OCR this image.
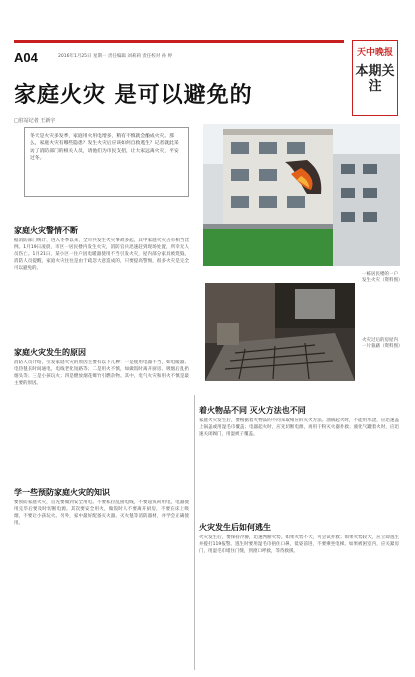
A04	2016年1月25日 星期一 责任编辑 刘莉莉 责任校对 孙 婷	天中晚报
本期关注
家庭火灾 是可以避免的
□驻站记者 王新宇
冬天是火灾多发季，家庭用火用电增多，稍有不慎就会酿成火灾。那么，家庭火灾有哪些隐患？发生火灾后应该如何自救逃生？记者就此采访了消防部门的相关人员，请他们为市民支招，让大家远离火灾，平安过冬。
一栋居民楼的一户发生火灾（资料图）
火灾过后的房屋内一片狼藉（资料图）
家庭火灾警情不断
据消防部门统计，进入冬季以来，全市共发生火灾事故多起，其中家庭火灾占有相当比例。1月19日凌晨，市区一居民楼内发生火灾，消防官兵迅速赶到现场处置，所幸无人员伤亡。1月21日，某小区一住户因电暖器使用不当引发火灾，屋内部分家具被烧毁。消防人员提醒，家庭火灾往往是由于疏忽大意造成的，只要提高警惕，很多火灾是完全可以避免的。
家庭火灾发生的原因
消防人员介绍，引发家庭火灾的原因主要有以下几种：一是使用电器不当，如电暖器、电热毯长时间通电，电线老化短路等；二是用火不慎，如做饭时离开厨房、吸烟后乱扔烟头等；三是小孩玩火；四是燃放烟花爆竹引燃杂物。其中，电气火灾和用火不慎是最主要的原因。
学一些预防家庭火灾的知识
要预防家庭火灾，首先要做到安全用电。不要私拉乱接电线，不要超负荷用电，电器使用完毕后要及时切断电源。其次要安全用火，做饭时人不要离开厨房，不要在床上吸烟，不要让小孩玩火。另外，家中最好配备灭火器、灭火毯等消防器材，并学会正确使用。
着火物品不同 灭火方法也不同
家庭火灾发生后，要根据着火物品的不同采取相应的灭火方法。油锅起火时，不能用水浇，应迅速盖上锅盖或用湿毛巾覆盖；电器起火时，应先切断电源，再用干粉灭火器扑救；液化气罐着火时，应迅速关闭阀门，用湿被子覆盖。
火灾发生后如何逃生
火灾发生后，要保持冷静，迅速判断火势。如果火势不大，可尝试扑救；如果火势较大，应立即逃生并拨打119报警。逃生时要用湿毛巾捂住口鼻，低姿前进，不要乘坐电梯。如果被困室内，应关紧房门，用湿毛巾堵住门缝，到窗口呼救，等待救援。
